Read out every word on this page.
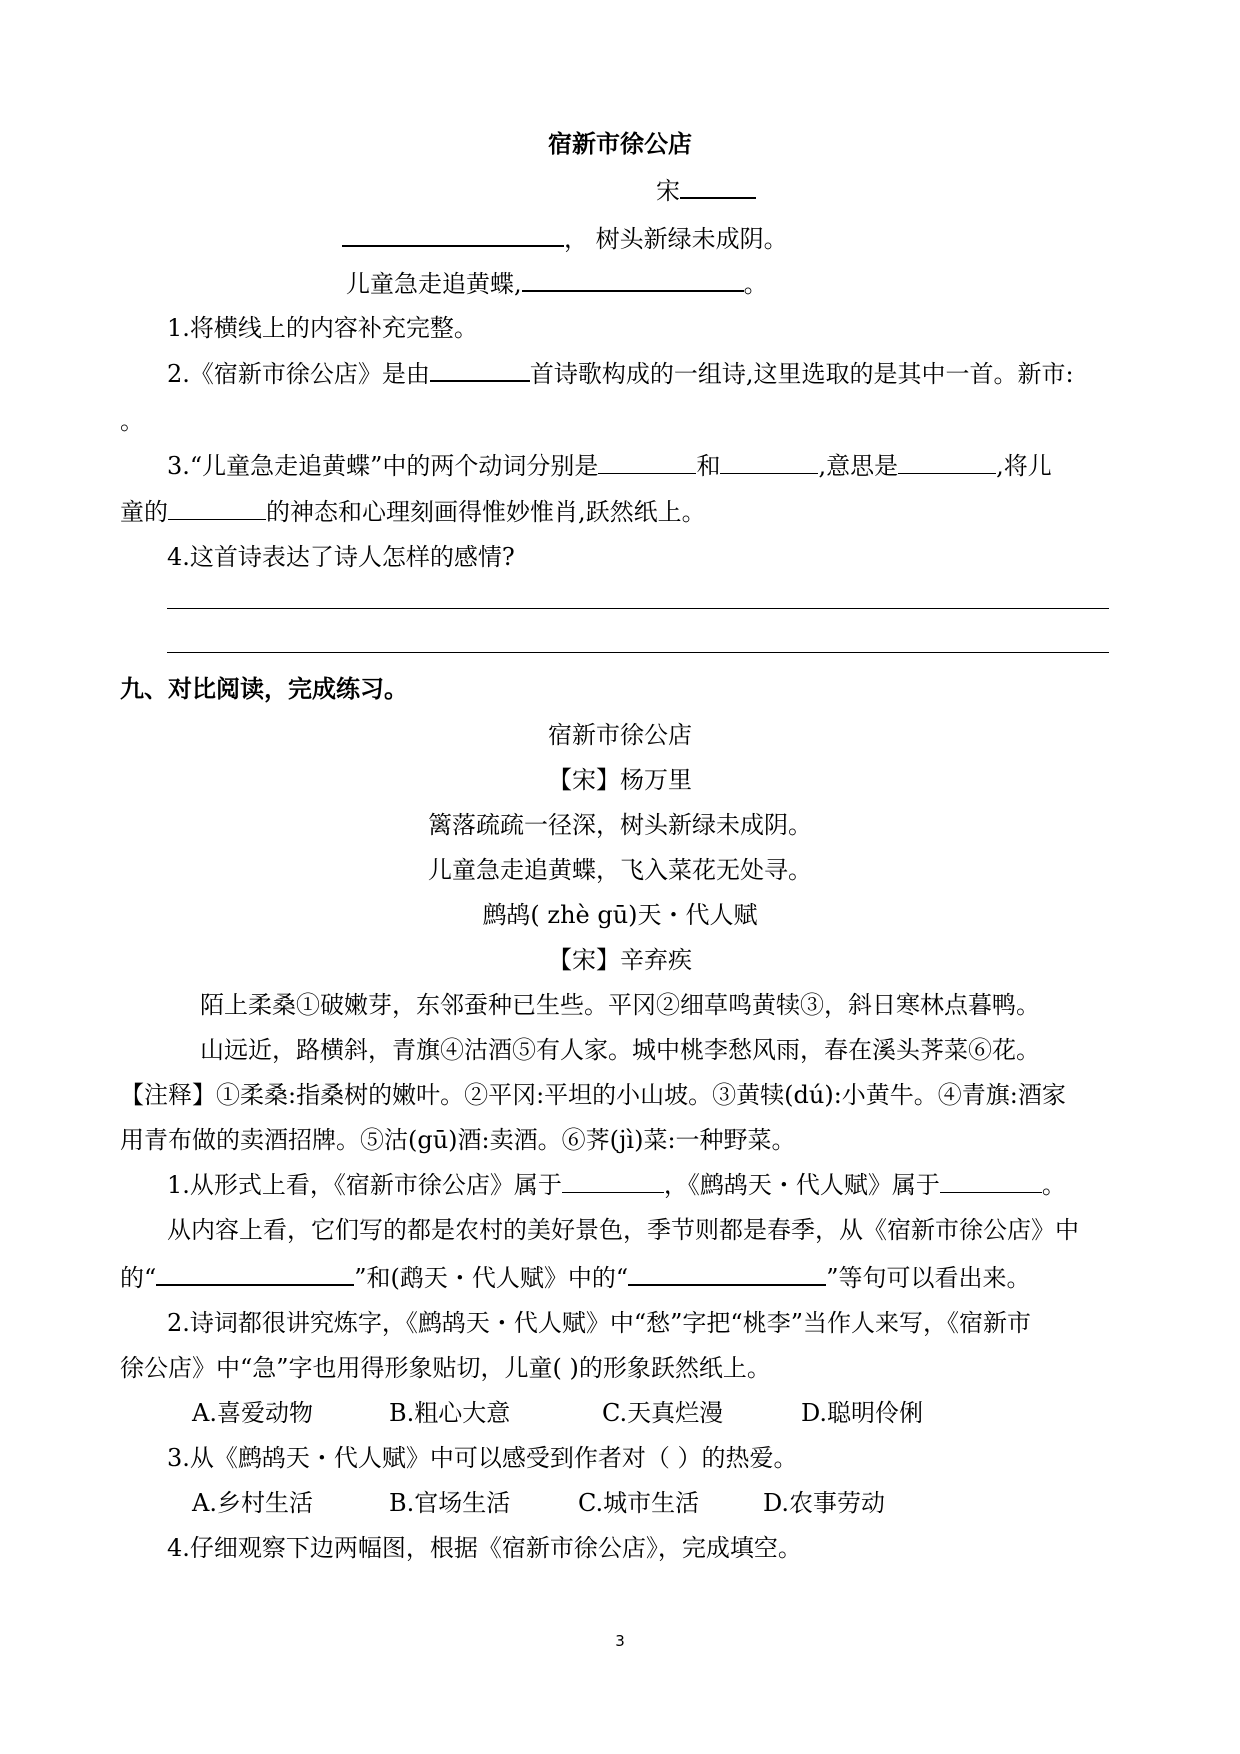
宿新市徐公店
宋
， 树头新绿未成阴。
儿童急走追黄蝶,	。
1.将横线上的内容补充完整。
2.《宿新市徐公店》是由	首诗歌构成的一组诗,这里选取的是其中一首。新市:
。
3.“儿童急走追黄蝶”中的两个动词分别是	和	,意思是	,将儿
童的	的神态和心理刻画得惟妙惟肖,跃然纸上。
4.这首诗表达了诗人怎样的感情?
九、对比阅读，完成练习。
宿新市徐公店
【宋】杨万里
篱落疏疏一径深，树头新绿未成阴。
儿童急走追黄蝶，飞入菜花无处寻。
鹧鸪( zhè gū)天・代人赋
【宋】辛弃疾
陌上柔桑①破嫩芽，东邻蚕种已生些。平冈②细草鸣黄犊③，斜日寒林点暮鸭。
山远近，路横斜，青旗④沽酒⑤有人家。城中桃李愁风雨，春在溪头荠菜⑥花。
【注释】①柔桑:指桑树的嫩叶。②平冈:平坦的小山坡。③黄犊(dú):小黄牛。④青旗:酒家
用青布做的卖酒招牌。⑤沽(gū)酒:卖酒。⑥荠(jì)菜:一种野菜。
1.从形式上看，《宿新市徐公店》属于	，《鹧鸪天・代人赋》属于	。
从内容上看，它们写的都是农村的美好景色，季节则都是春季，从《宿新市徐公店》中
的“	”和(鹉天・代人赋》中的“	”等句可以看出来。
2.诗词都很讲究炼字，《鹧鸪天・代人赋》中“愁”字把“桃李”当作人来写，《宿新市
徐公店》中“急”字也用得形象贴切，儿童( )的形象跃然纸上。
A.喜爱动物	B.粗心大意	C.天真烂漫	D.聪明伶俐
3.从《鹧鸪天・代人赋》中可以感受到作者对（ ）的热爱。
A.乡村生活	B.官场生活	C.城市生活	D.农事劳动
4.仔细观察下边两幅图，根据《宿新市徐公店》，完成填空。
3
